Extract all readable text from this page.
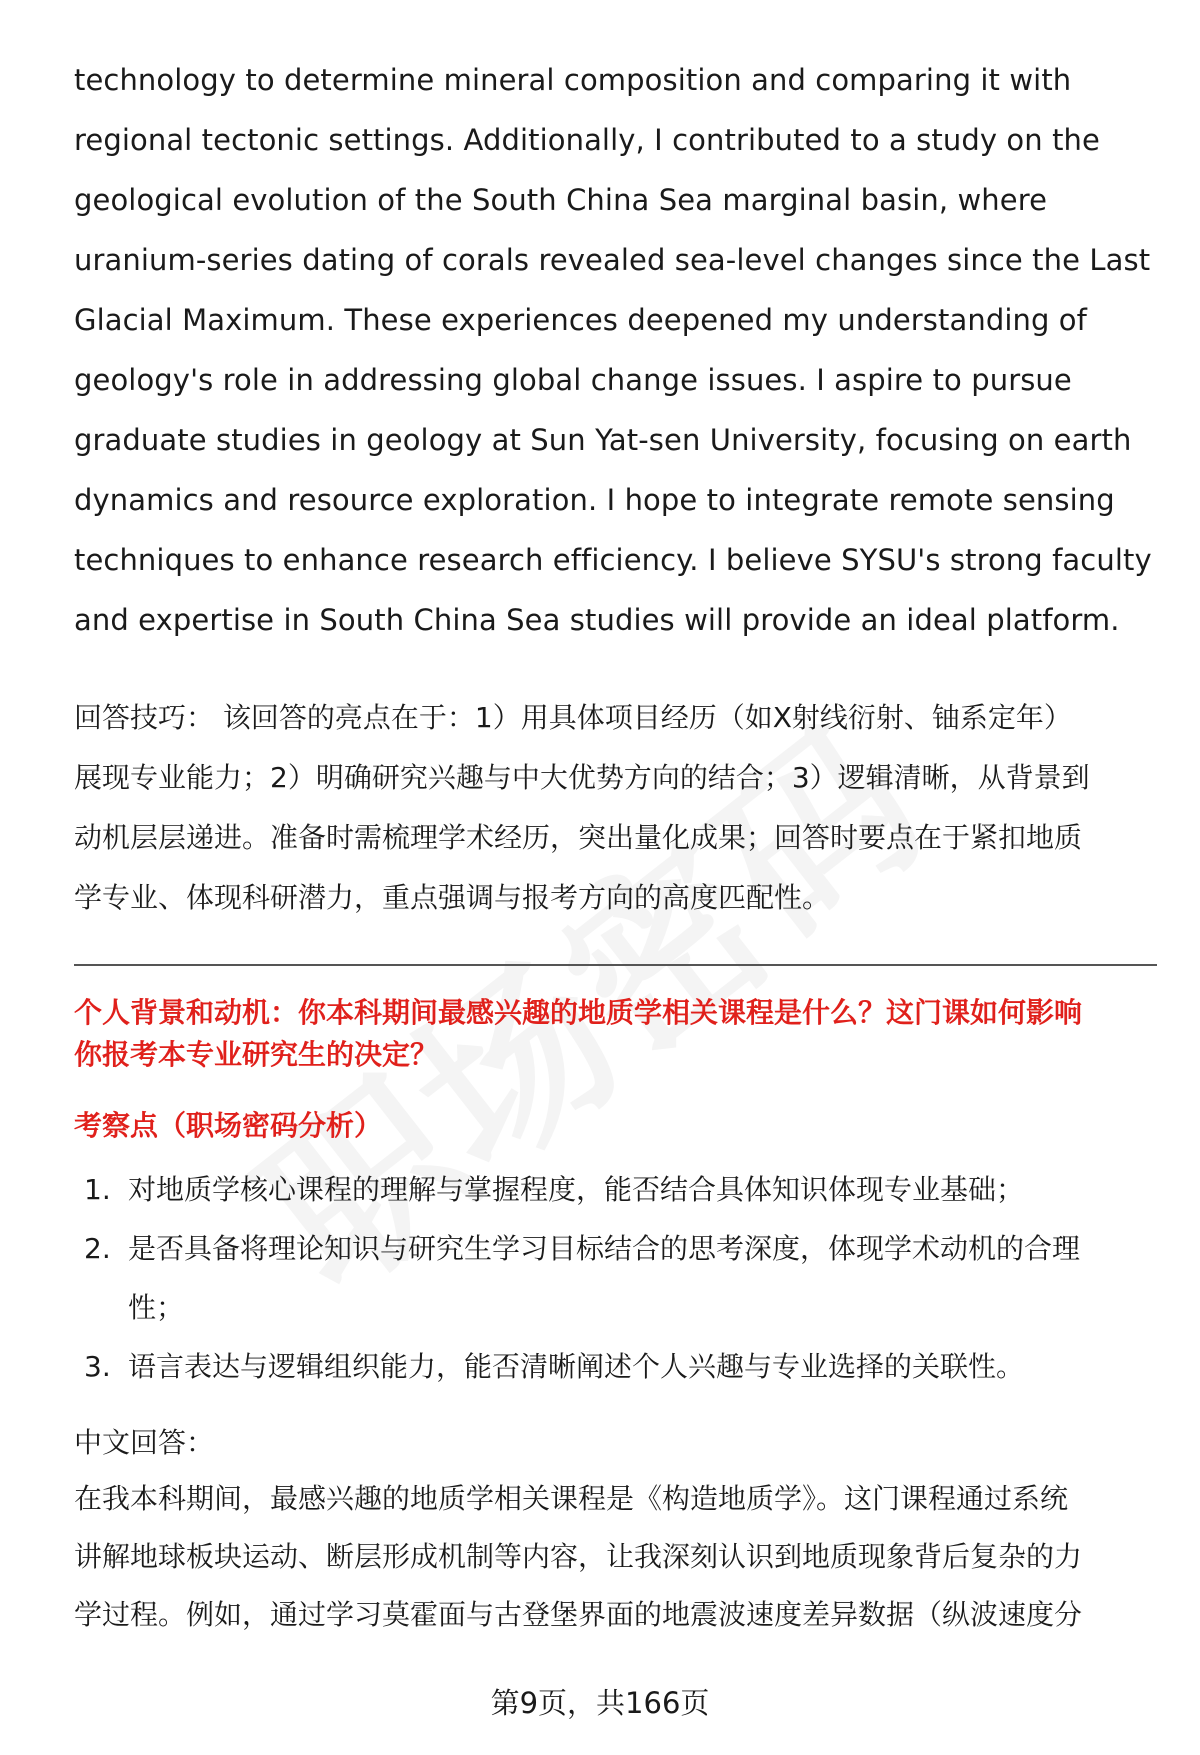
technology to determine mineral composition and comparing it with

regional tectonic settings. Additionally, I contributed to a study on the

geological evolution of the South China Sea marginal basin, where

uranium-series dating of corals revealed sea-level changes since the Last

Glacial Maximum. These experiences deepened my understanding of

geology's role in addressing global change issues. I aspire to pursue

graduate studies in geology at Sun Yat-sen University, focusing on earth

dynamics and resource exploration. I hope to integrate remote sensing

techniques to enhance research efficiency. I believe SYSU's strong faculty

and expertise in South China Sea studies will provide an ideal platform.

回答技巧： 该回答的亮点在于：1）用具体项目经历（如X射线衍射、铀系定年）

展现专业能力；2）明确研究兴趣与中大优势方向的结合；3）逻辑清晰，从背景到

动机层层递进。准备时需梳理学术经历，突出量化成果；回答时要点在于紧扣地质

学专业、体现科研潜力，重点强调与报考方向的高度匹配性。

个人背景和动机：你本科期间最感兴趣的地质学相关课程是什么？这门课如何影响

你报考本专业研究生的决定？

考察点（职场密码分析）
1. 对地质学核心课程的理解与掌握程度，能否结合具体知识体现专业基础；

2. 是否具备将理论知识与研究生学习目标结合的思考深度，体现学术动机的合理

性；

3. 语言表达与逻辑组织能力，能否清晰阐述个人兴趣与专业选择的关联性。

中文回答：

在我本科期间，最感兴趣的地质学相关课程是《构造地质学》。这门课程通过系统

讲解地球板块运动、断层形成机制等内容，让我深刻认识到地质现象背后复杂的力

学过程。例如，通过学习莫霍面与古登堡界面的地震波速度差异数据（纵波速度分

第9页，共166页
